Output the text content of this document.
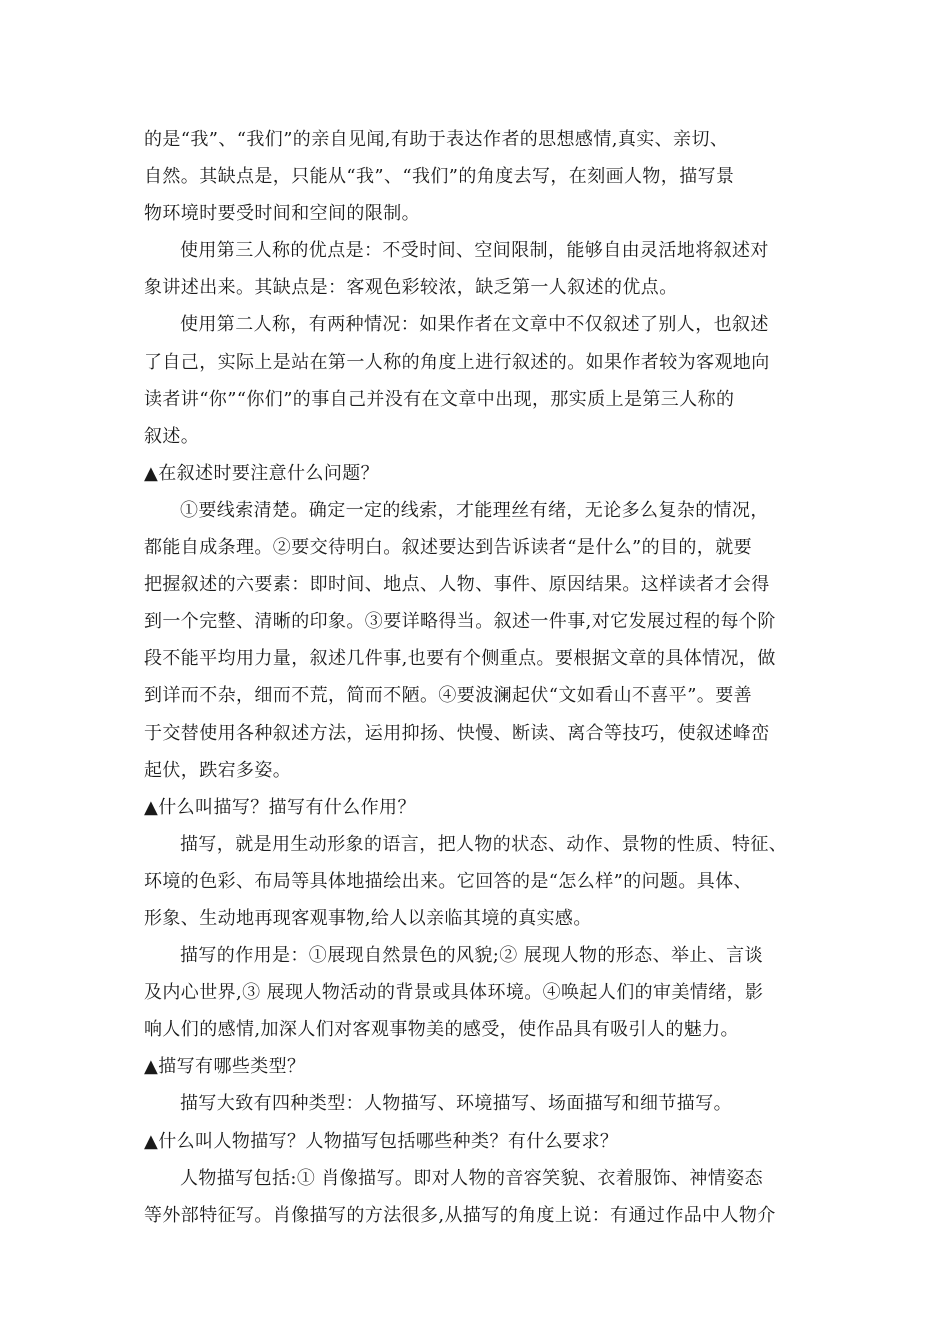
的是“我”、“我们”的亲自见闻,有助于表达作者的思想感情,真实、亲切、
自然。其缺点是，只能从“我”、“我们”的角度去写，在刻画人物，描写景
物环境时要受时间和空间的限制。
使用第三人称的优点是：不受时间、空间限制，能够自由灵活地将叙述对
象讲述出来。其缺点是：客观色彩较浓，缺乏第一人叙述的优点。
使用第二人称，有两种情况：如果作者在文章中不仅叙述了别人，也叙述
了自己，实际上是站在第一人称的角度上进行叙述的。如果作者较为客观地向
读者讲“你”“你们”的事自己并没有在文章中出现，那实质上是第三人称的
叙述。
▲在叙述时要注意什么问题？
①要线索清楚。确定一定的线索，才能理丝有绪，无论多么复杂的情况，
都能自成条理。②要交待明白。叙述要达到告诉读者“是什么”的目的，就要
把握叙述的六要素：即时间、地点、人物、事件、原因结果。这样读者才会得
到一个完整、清晰的印象。③要详略得当。叙述一件事,对它发展过程的每个阶
段不能平均用力量，叙述几件事,也要有个侧重点。要根据文章的具体情况，做
到详而不杂，细而不荒，简而不陋。④要波澜起伏“文如看山不喜平”。要善
于交替使用各种叙述方法，运用抑扬、快慢、断读、离合等技巧，使叙述峰峦
起伏，跌宕多姿。
▲什么叫描写？描写有什么作用？
描写，就是用生动形象的语言，把人物的状态、动作、景物的性质、特征、
环境的色彩、布局等具体地描绘出来。它回答的是“怎么样”的问题。具体、
形象、生动地再现客观事物,给人以亲临其境的真实感。
描写的作用是：①展现自然景色的风貌;② 展现人物的形态、举止、言谈
及内心世界,③ 展现人物活动的背景或具体环境。④唤起人们的审美情绪，影
响人们的感情,加深人们对客观事物美的感受，使作品具有吸引人的魅力。
▲描写有哪些类型？
描写大致有四种类型：人物描写、环境描写、场面描写和细节描写。
▲什么叫人物描写？人物描写包括哪些种类？有什么要求？
人物描写包括:① 肖像描写。即对人物的音容笑貌、衣着服饰、神情姿态
等外部特征写。肖像描写的方法很多,从描写的角度上说：有通过作品中人物介
